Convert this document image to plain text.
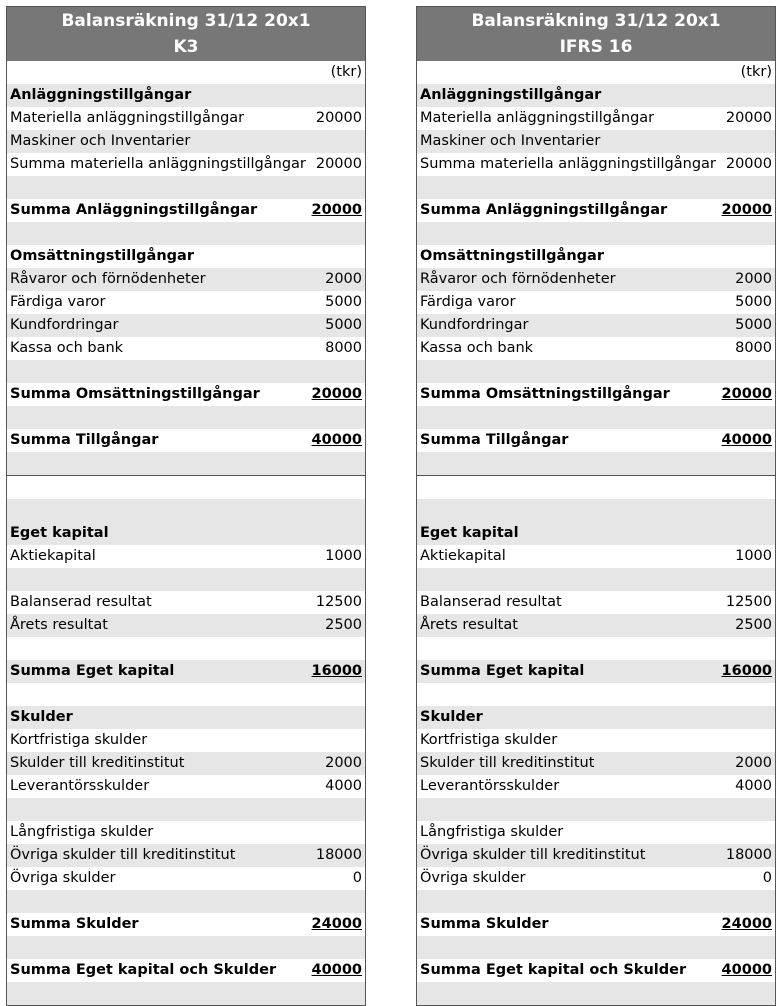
Balansräkning 31/12 20x1
K3
(tkr)
Anläggningstillgångar
Materiella anläggningstillgångar	20000
Maskiner och Inventarier
Summa materiella anläggningstillgångar 20000
Summa Anläggningstillgångar	20000
Omsättningstillgångar
Råvaror och förnödenheter	2000
Färdiga varor	5000
Kundfordringar	5000
Kassa och bank	8000
Summa Omsättningstillgångar	20000
Summa Tillgångar	40000
Eget kapital
Aktiekapital	1000
Balanserad resultat	12500
Årets resultat	2500
Summa Eget kapital	16000
Skulder
Kortfristiga skulder
Skulder till kreditinstitut	2000
Leverantörsskulder	4000
Långfristiga skulder
Övriga skulder till kreditinstitut	18000
Övriga skulder	0
Summa Skulder	24000
Summa Eget kapital och Skulder	40000
Balansräkning 31/12 20x1
IFRS 16
(tkr)
Anläggningstillgångar
Materiella anläggningstillgångar	20000
Maskiner och Inventarier
Summa materiella anläggningstillgångar 20000
Summa Anläggningstillgångar	20000
Omsättningstillgångar
Råvaror och förnödenheter	2000
Färdiga varor	5000
Kundfordringar	5000
Kassa och bank	8000
Summa Omsättningstillgångar	20000
Summa Tillgångar	40000
Eget kapital
Aktiekapital	1000
Balanserad resultat	12500
Årets resultat	2500
Summa Eget kapital	16000
Skulder
Kortfristiga skulder
Skulder till kreditinstitut	2000
Leverantörsskulder	4000
Långfristiga skulder
Övriga skulder till kreditinstitut	18000
Övriga skulder	0
Summa Skulder	24000
Summa Eget kapital och Skulder	40000
